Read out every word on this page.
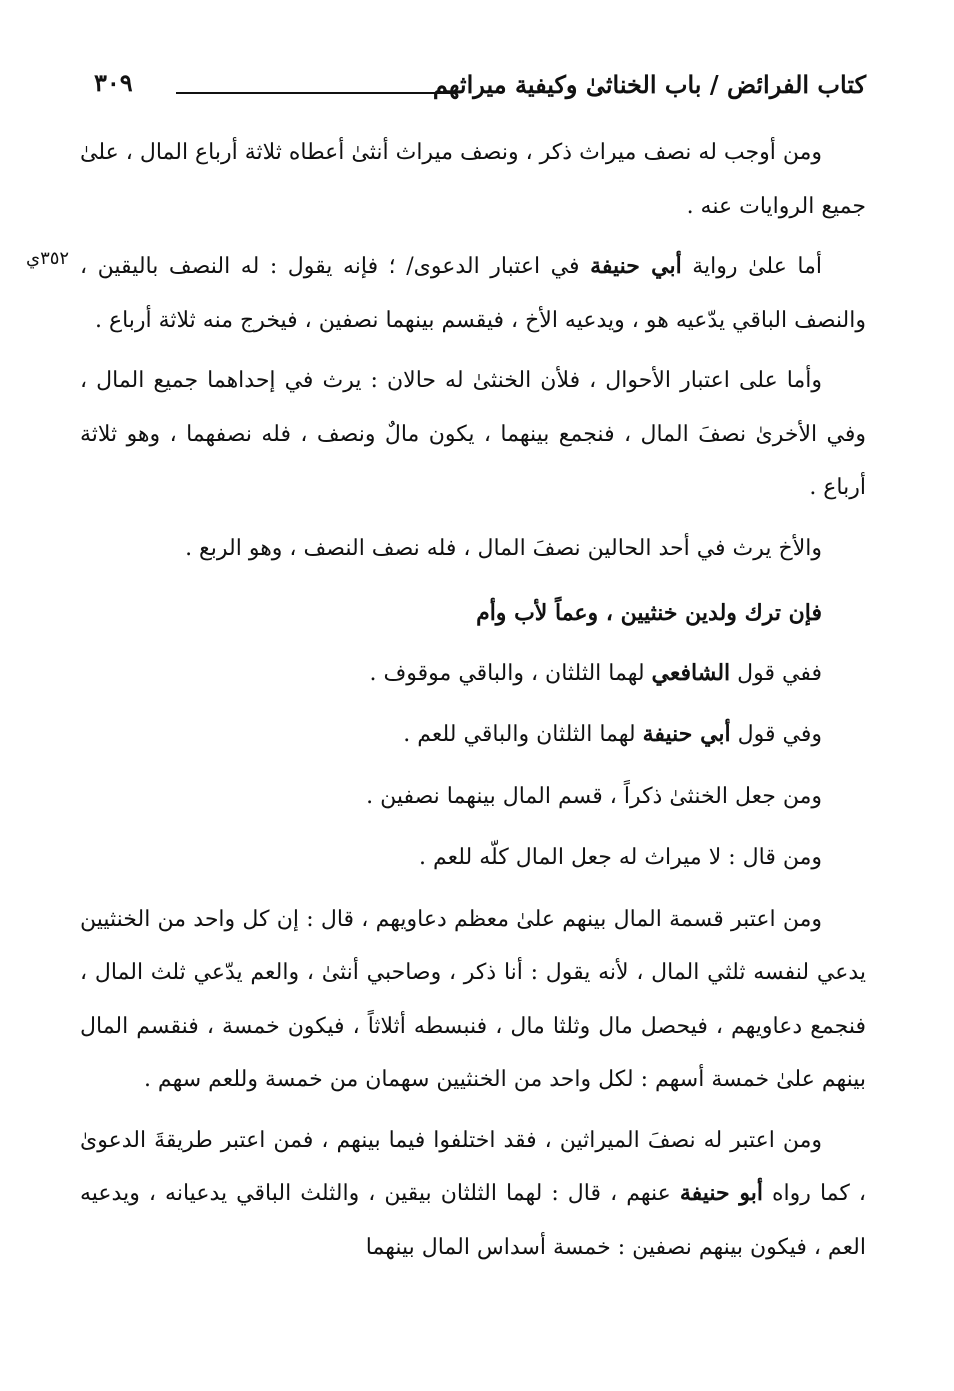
كتاب الفرائض / باب الخناثىٰ وكيفية ميراثهم
٣٠٩
٣٥٢ي

ومن أوجب له نصف ميراث ذكر ، ونصف ميراث أنثىٰ أعطاه ثلاثة أرباع المال ، علىٰ جميع الروايات عنه .

أما علىٰ رواية أبي حنيفة في اعتبار الدعوى/ ؛ فإنه يقول : له النصف باليقين ، والنصف الباقي يدّعيه هو ، ويدعيه الأخ ، فيقسم بينهما نصفين ، فيخرج منه ثلاثة أرباع .

وأما على اعتبار الأحوال ، فلأن الخنثىٰ له حالان : يرث في إحداهما جميع المال ، وفي الأخرىٰ نصفَ المال ، فنجمع بينهما ، يكون مالٌ ونصف ، فله نصفهما ، وهو ثلاثة أرباع .

والأخ يرث في أحد الحالين نصفَ المال ، فله نصف النصف ، وهو الربع .

فإن ترك ولدين خنثيين ، وعماً لأب وأم

ففي قول الشافعي لهما الثلثان ، والباقي موقوف .

وفي قول أبي حنيفة لهما الثلثان والباقي للعم .

ومن جعل الخنثىٰ ذكراً ، قسم المال بينهما نصفين .

ومن قال : لا ميراث له جعل المال كلّه للعم .

ومن اعتبر قسمة المال بينهم علىٰ معظم دعاويهم ، قال : إن كل واحد من الخنثيين يدعي لنفسه ثلثي المال ، لأنه يقول : أنا ذكر ، وصاحبي أنثىٰ ، والعم يدّعي ثلث المال ، فنجمع دعاويهم ، فيحصل مال وثلثا مال ، فنبسطه أثلاثاً ، فيكون خمسة ، فنقسم المال بينهم علىٰ خمسة أسهم : لكل واحد من الخنثيين سهمان من خمسة وللعم سهم .

ومن اعتبر له نصفَ الميراثين ، فقد اختلفوا فيما بينهم ، فمن اعتبر طريقةَ الدعوىٰ ، كما رواه أبو حنيفة عنهم ، قال : لهما الثلثان بيقين ، والثلث الباقي يدعيانه ، ويدعيه العم ، فيكون بينهم نصفين : خمسة أسداس المال بينهما
